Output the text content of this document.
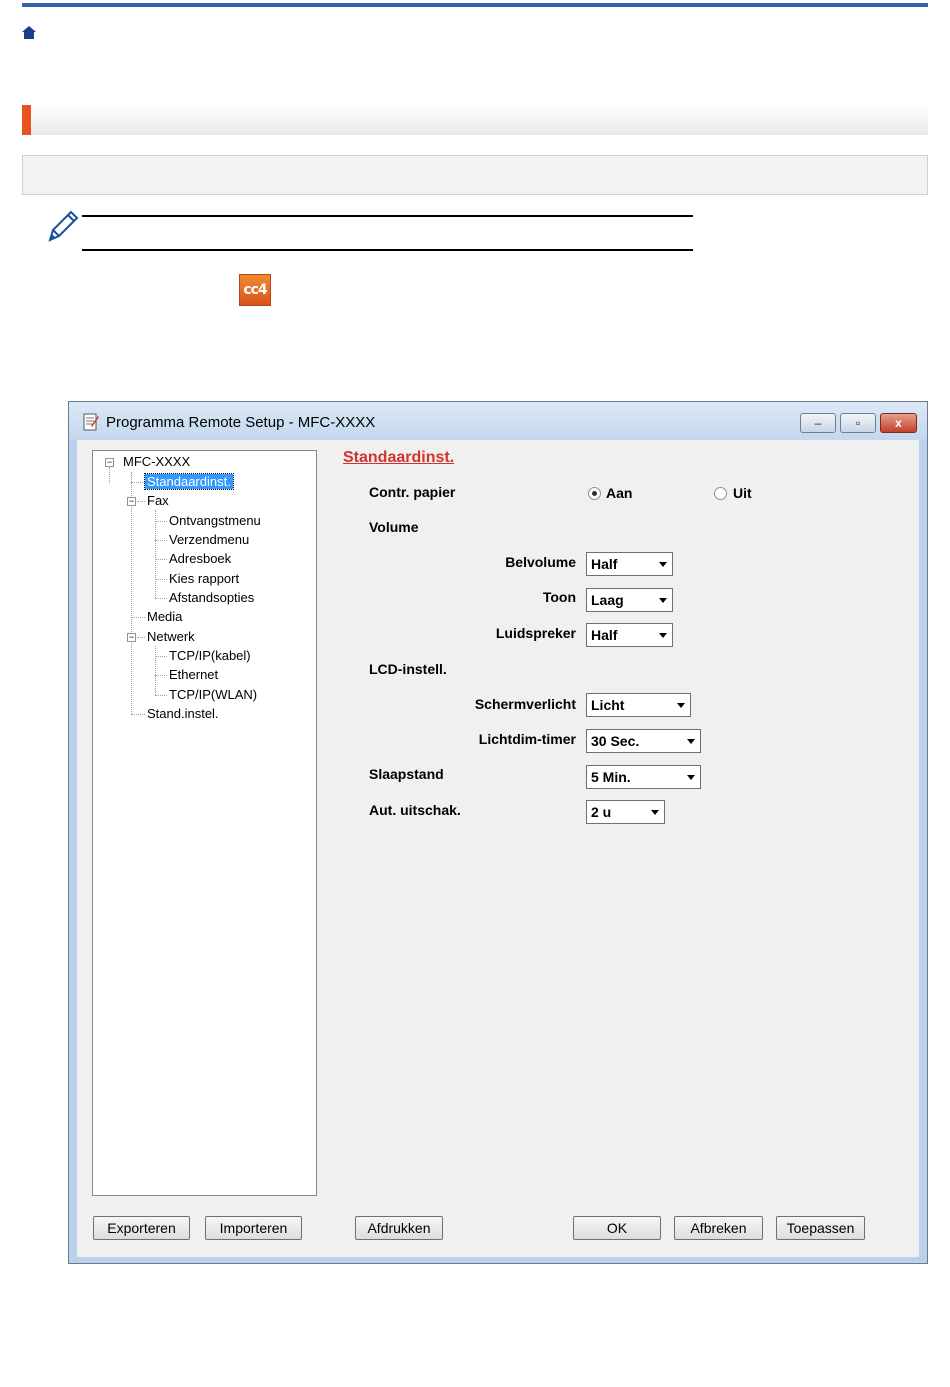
cc4
Programma Remote Setup - MFC-XXXX	–	▫	x
− MFC-XXXX
Standaardinst.
− Fax
Ontvangstmenu
Verzendmenu
Adresboek
Kies rapport
Afstandsopties
Media
− Netwerk
TCP/IP(kabel)
Ethernet
TCP/IP(WLAN)
Stand.instel.
Standaardinst.
Contr. papier	Aan	Uit
Volume
Belvolume	Half
Toon	Laag
Luidspreker	Half
LCD-instell.
Schermverlicht	Licht
Lichtdim-timer	30 Sec.
Slaapstand	5 Min.
Aut. uitschak.	2 u
Exporteren	Importeren	Afdrukken	OK	Afbreken	Toepassen
